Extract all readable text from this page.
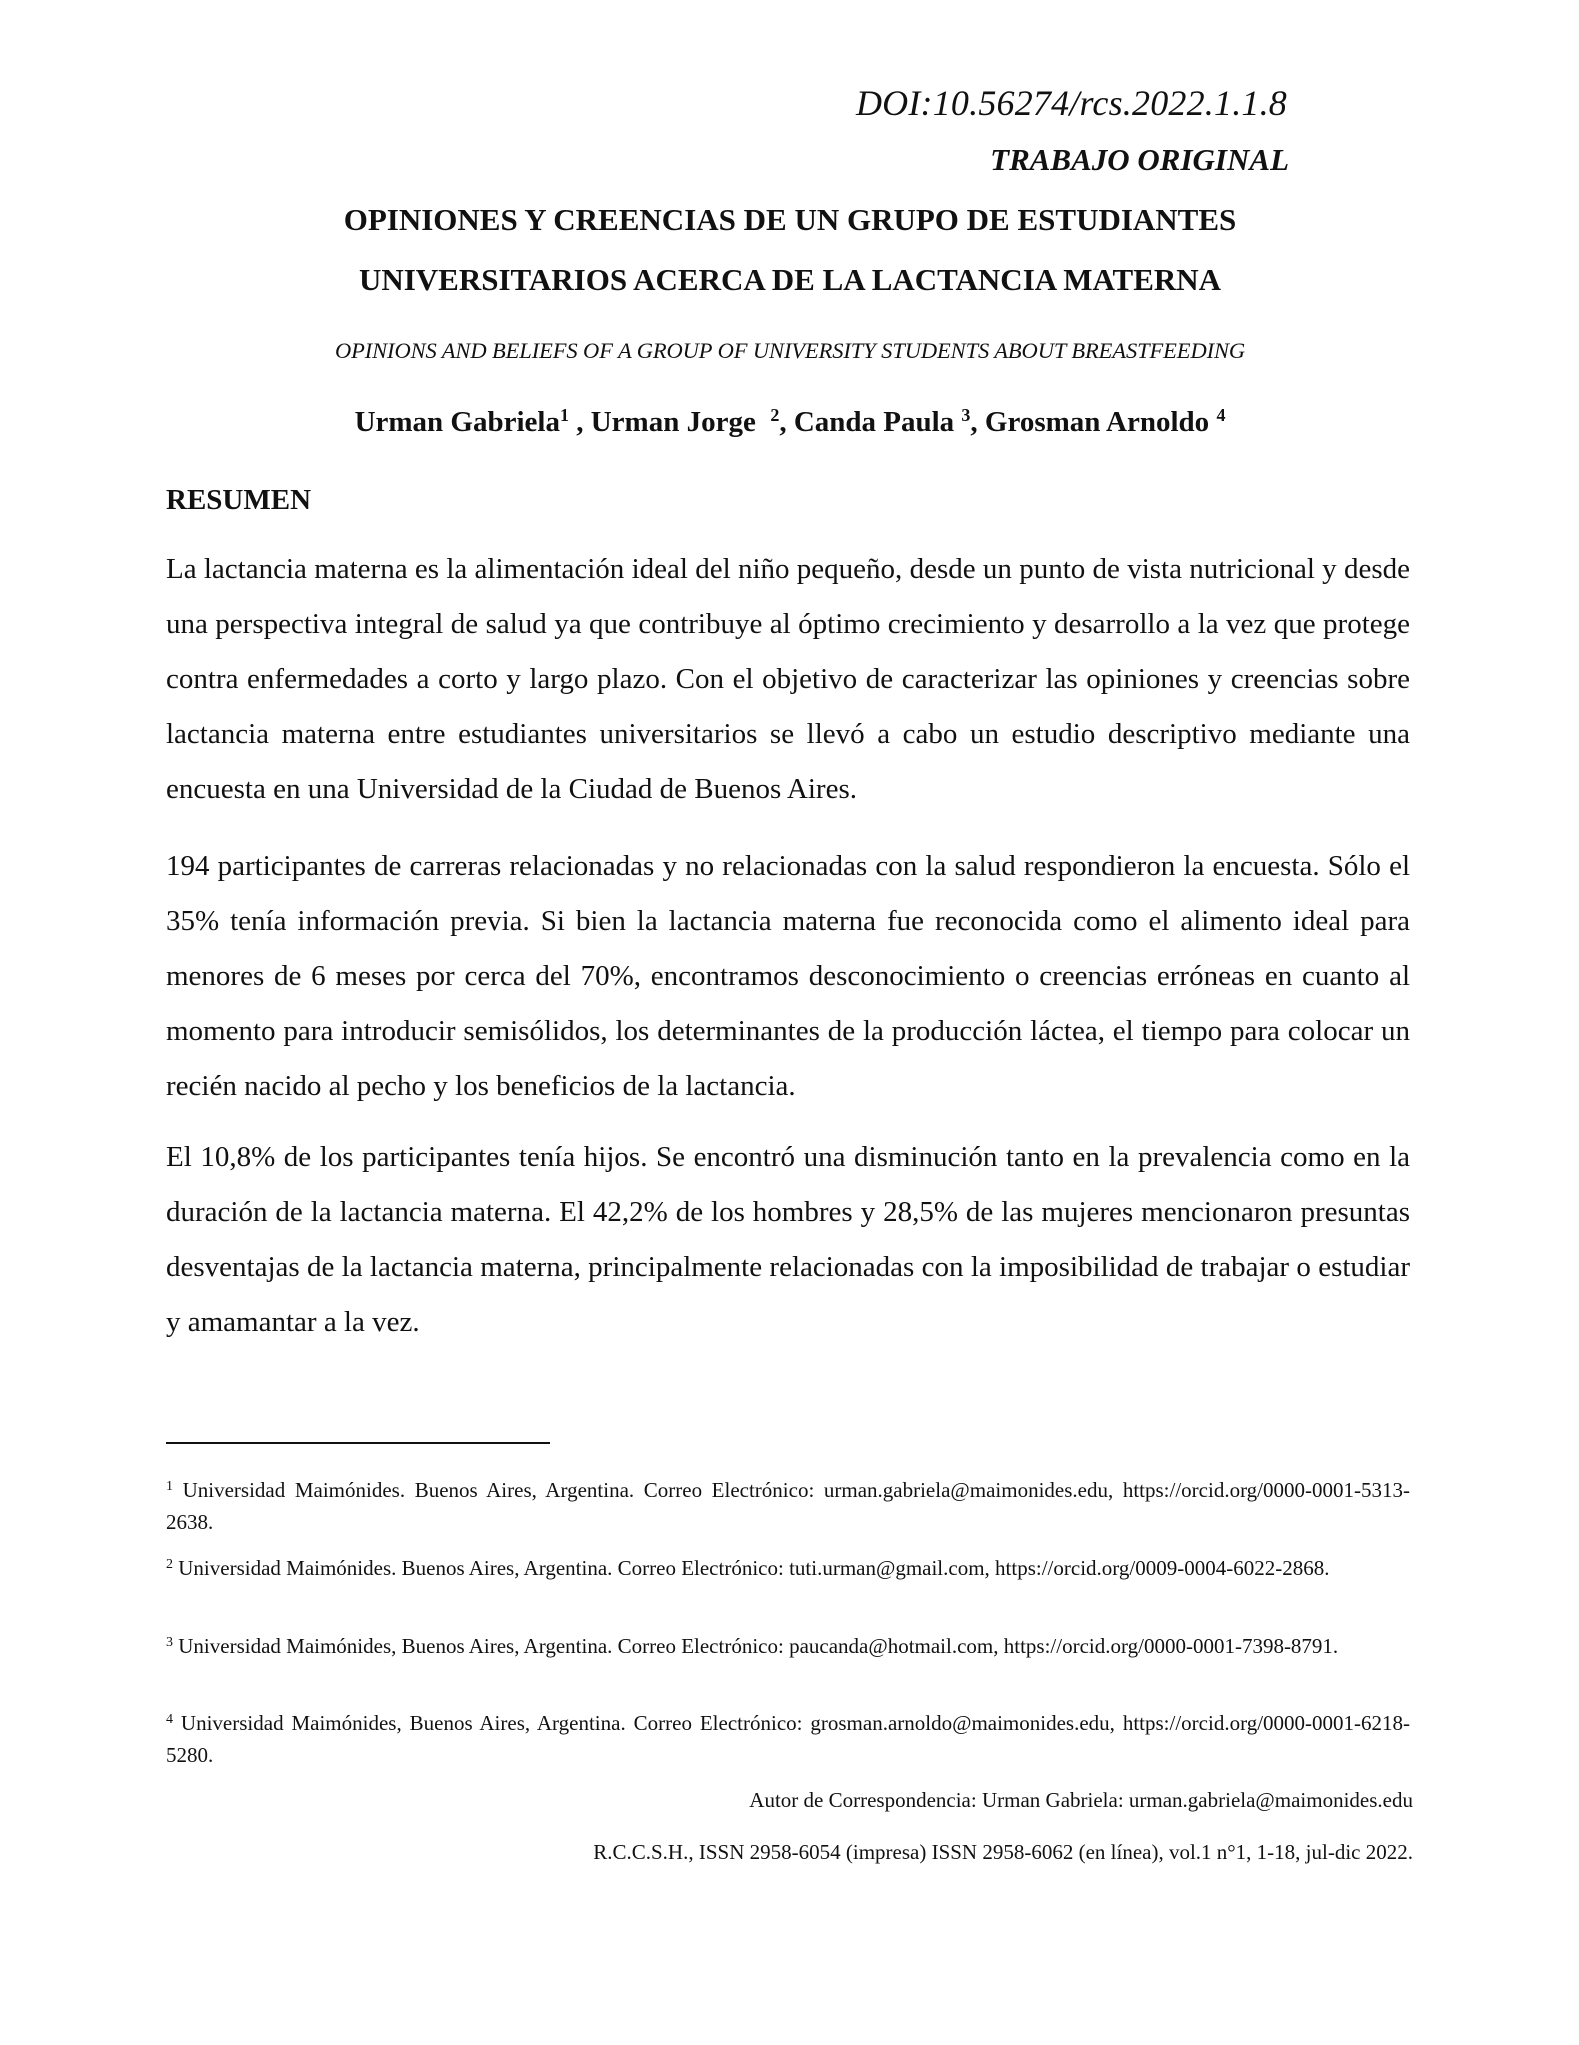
DOI:10.56274/rcs.2022.1.1.8
TRABAJO ORIGINAL
OPINIONES Y CREENCIAS DE UN GRUPO DE ESTUDIANTES
UNIVERSITARIOS ACERCA DE LA LACTANCIA MATERNA
OPINIONS AND BELIEFS OF A GROUP OF UNIVERSITY STUDENTS ABOUT BREASTFEEDING
Urman Gabriela$^1$ , Urman Jorge $^2$, Canda Paula $^3$, Grosman Arnoldo $^4$
RESUMEN

La lactancia materna es la alimentación ideal del niño pequeño, desde un punto de vista nutricional y desde una perspectiva integral de salud ya que contribuye al óptimo crecimiento y desarrollo a la vez que protege contra enfermedades a corto y largo plazo. Con el objetivo de caracterizar las opiniones y creencias sobre lactancia materna entre estudiantes universitarios se llevó a cabo un estudio descriptivo mediante una encuesta en una Universidad de la Ciudad de Buenos Aires.

194 participantes de carreras relacionadas y no relacionadas con la salud respondieron la encuesta. Sólo el 35% tenía información previa. Si bien la lactancia materna fue reconocida como el alimento ideal para menores de 6 meses por cerca del 70%, encontramos desconocimiento o creencias erróneas en cuanto al momento para introducir semisólidos, los determinantes de la producción láctea, el tiempo para colocar un recién nacido al pecho y los beneficios de la lactancia.

El 10,8% de los participantes tenía hijos. Se encontró una disminución tanto en la prevalencia como en la duración de la lactancia materna. El 42,2% de los hombres y 28,5% de las mujeres mencionaron presuntas desventajas de la lactancia materna, principalmente relacionadas con la imposibilidad de trabajar o estudiar y amamantar a la vez.

$^1$ Universidad Maimónides. Buenos Aires, Argentina. Correo Electrónico: urman.gabriela@maimonides.edu, https://orcid.org/0000-0001-5313-2638.

$^2$ Universidad Maimónides. Buenos Aires, Argentina. Correo Electrónico: tuti.urman@gmail.com, https://orcid.org/0009-0004-6022-2868.

$^3$ Universidad Maimónides, Buenos Aires, Argentina. Correo Electrónico: paucanda@hotmail.com, https://orcid.org/0000-0001-7398-8791.

$^4$ Universidad Maimónides, Buenos Aires, Argentina. Correo Electrónico: grosman.arnoldo@maimonides.edu, https://orcid.org/0000-0001-6218-5280.

Autor de Correspondencia: Urman Gabriela: urman.gabriela@maimonides.edu
R.C.C.S.H., ISSN 2958-6054 (impresa) ISSN 2958-6062 (en línea), vol.1 n°1, 1-18, jul-dic 2022.
